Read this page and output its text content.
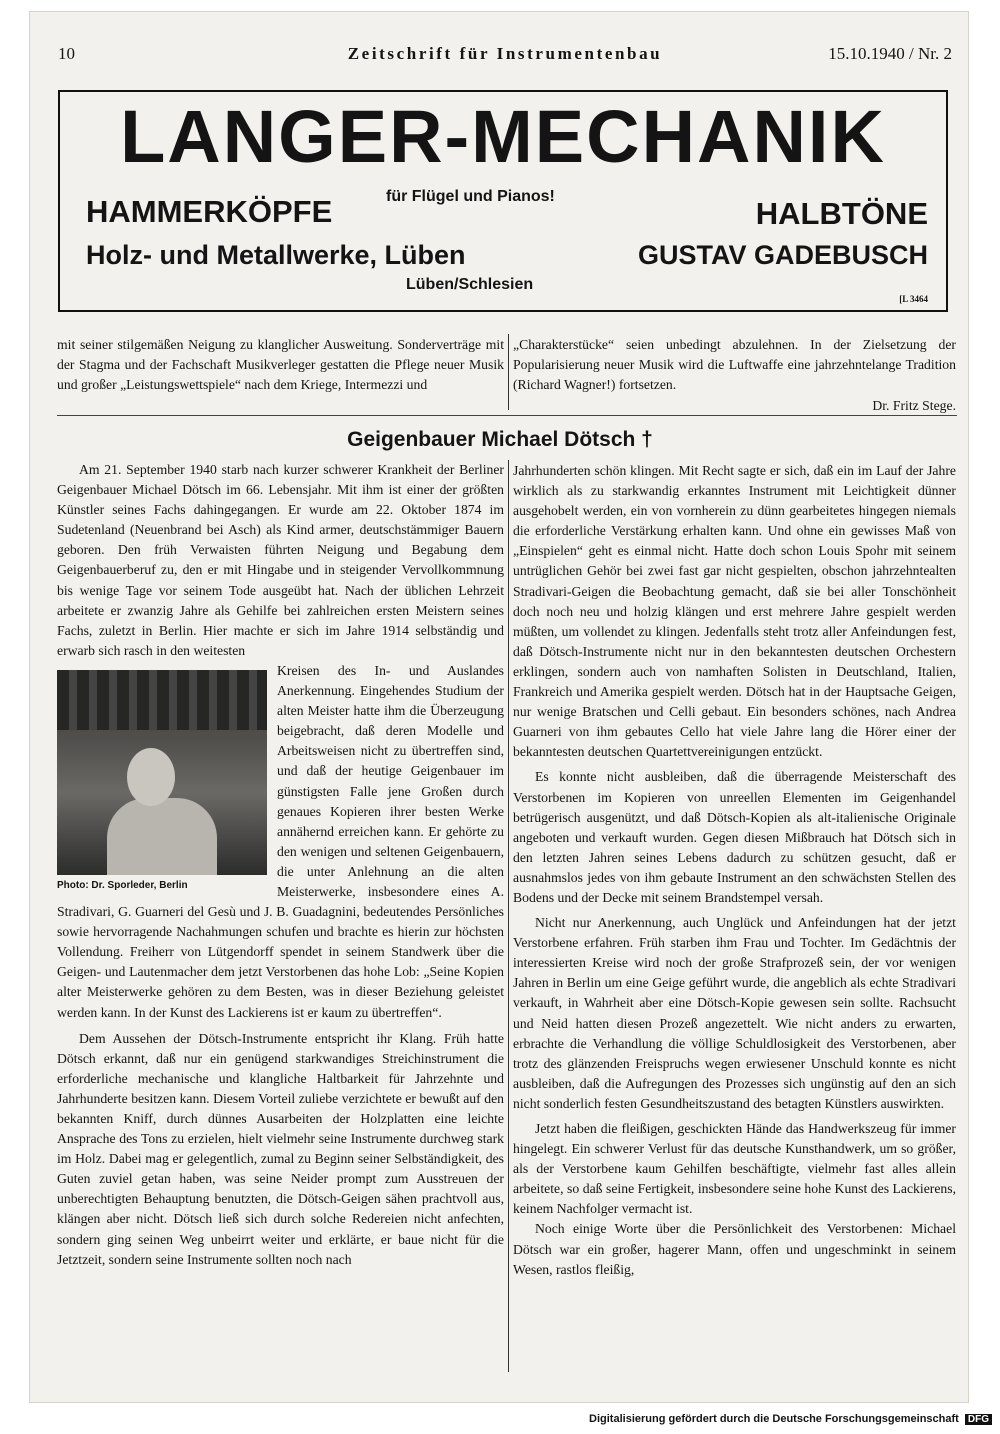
10	Zeitschrift für Instrumentenbau	15.10.1940 / Nr. 2
LANGER-MECHANIK
HAMMERKÖPFE	für Flügel und Pianos!	HALBTÖNE
Holz- und Metallwerke, Lüben	GUSTAV GADEBUSCH
Lüben/Schlesien
[L 3464

mit seiner stilgemäßen Neigung zu klanglicher Ausweitung. Sonderverträge mit der Stagma und der Fachschaft Musikverleger gestatten die Pflege neuer Musik und großer „Leistungswettspiele“ nach dem Kriege, Intermezzi und

„Charakterstücke“ seien unbedingt abzulehnen. In der Zielsetzung der Popularisierung neuer Musik wird die Luftwaffe eine jahrzehntelange Tradition (Richard Wagner!) fortsetzen.

Dr. Fritz Stege.

Geigenbauer Michael Dötsch †

Am 21. September 1940 starb nach kurzer schwerer Krankheit der Berliner Geigenbauer Michael Dötsch im 66. Lebensjahr. Mit ihm ist einer der größten Künstler seines Fachs dahingegangen. Er wurde am 22. Oktober 1874 im Sudetenland (Neuenbrand bei Asch) als Kind armer, deutschstämmiger Bauern geboren. Den früh Verwaisten führten Neigung und Begabung dem Geigenbauerberuf zu, den er mit Hingabe und in steigender Vervollkommnung bis wenige Tage vor seinem Tode ausgeübt hat. Nach der üblichen Lehrzeit arbeitete er zwanzig Jahre als Gehilfe bei zahlreichen ersten Meistern seines Fachs, zuletzt in Berlin. Hier machte er sich im Jahre 1914 selbständig und erwarb sich rasch in den weitesten

Photo: Dr. Sporleder, Berlin

Kreisen des In- und Auslandes Anerkennung. Eingehendes Studium der alten Meister hatte ihm die Überzeugung beigebracht, daß deren Modelle und Arbeitsweisen nicht zu übertreffen sind, und daß der heutige Geigenbauer im günstigsten Falle jene Großen durch genaues Kopieren ihrer besten Werke annähernd erreichen kann. Er gehörte zu den wenigen und seltenen Geigenbauern, die unter Anlehnung an die alten Meisterwerke, insbesondere eines A. Stradivari, G. Guarneri del Gesù und J. B. Guadagnini, bedeutendes Persönliches sowie hervorragende Nachahmungen schufen und brachte es hierin zur höchsten Vollendung. Freiherr von Lütgendorff spendet in seinem Standwerk über die Geigen- und Lautenmacher dem jetzt Verstorbenen das hohe Lob: „Seine Kopien alter Meisterwerke gehören zu dem Besten, was in dieser Beziehung geleistet werden kann. In der Kunst des Lackierens ist er kaum zu übertreffen“.

Dem Aussehen der Dötsch-Instrumente entspricht ihr Klang. Früh hatte Dötsch erkannt, daß nur ein genügend starkwandiges Streichinstrument die erforderliche mechanische und klangliche Haltbarkeit für Jahrzehnte und Jahrhunderte besitzen kann. Diesem Vorteil zuliebe verzichtete er bewußt auf den bekannten Kniff, durch dünnes Ausarbeiten der Holzplatten eine leichte Ansprache des Tons zu erzielen, hielt vielmehr seine Instrumente durchweg stark im Holz. Dabei mag er gelegentlich, zumal zu Beginn seiner Selbständigkeit, des Guten zuviel getan haben, was seine Neider prompt zum Ausstreuen der unberechtigten Behauptung benutzten, die Dötsch-Geigen sähen prachtvoll aus, klängen aber nicht. Dötsch ließ sich durch solche Redereien nicht anfechten, sondern ging seinen Weg unbeirrt weiter und erklärte, er baue nicht für die Jetztzeit, sondern seine Instrumente sollten noch nach

Jahrhunderten schön klingen. Mit Recht sagte er sich, daß ein im Lauf der Jahre wirklich als zu starkwandig erkanntes Instrument mit Leichtigkeit dünner ausgehobelt werden, ein von vornherein zu dünn gearbeitetes hingegen niemals die erforderliche Verstärkung erhalten kann. Und ohne ein gewisses Maß von „Einspielen“ geht es einmal nicht. Hatte doch schon Louis Spohr mit seinem untrüglichen Gehör bei zwei fast gar nicht gespielten, obschon jahrzehntealten Stradivari-Geigen die Beobachtung gemacht, daß sie bei aller Tonschönheit doch noch neu und holzig klängen und erst mehrere Jahre gespielt werden müßten, um vollendet zu klingen. Jedenfalls steht trotz aller Anfeindungen fest, daß Dötsch-Instrumente nicht nur in den bekanntesten deutschen Orchestern erklingen, sondern auch von namhaften Solisten in Deutschland, Italien, Frankreich und Amerika gespielt werden. Dötsch hat in der Hauptsache Geigen, nur wenige Bratschen und Celli gebaut. Ein besonders schönes, nach Andrea Guarneri von ihm gebautes Cello hat viele Jahre lang die Hörer einer der bekanntesten deutschen Quartettvereinigungen entzückt.

Es konnte nicht ausbleiben, daß die überragende Meisterschaft des Verstorbenen im Kopieren von unreellen Elementen im Geigenhandel betrügerisch ausgenützt, und daß Dötsch-Kopien als alt-italienische Originale angeboten und verkauft wurden. Gegen diesen Mißbrauch hat Dötsch sich in den letzten Jahren seines Lebens dadurch zu schützen gesucht, daß er ausnahmslos jedes von ihm gebaute Instrument an den schwächsten Stellen des Bodens und der Decke mit seinem Brandstempel versah.

Nicht nur Anerkennung, auch Unglück und Anfeindungen hat der jetzt Verstorbene erfahren. Früh starben ihm Frau und Tochter. Im Gedächtnis der interessierten Kreise wird noch der große Strafprozeß sein, der vor wenigen Jahren in Berlin um eine Geige geführt wurde, die angeblich als echte Stradivari verkauft, in Wahrheit aber eine Dötsch-Kopie gewesen sein sollte. Rachsucht und Neid hatten diesen Prozeß angezettelt. Wie nicht anders zu erwarten, erbrachte die Verhandlung die völlige Schuldlosigkeit des Verstorbenen, aber trotz des glänzenden Freispruchs wegen erwiesener Unschuld konnte es nicht ausbleiben, daß die Aufregungen des Prozesses sich ungünstig auf den an sich nicht sonderlich festen Gesundheitszustand des betagten Künstlers auswirkten.

Jetzt haben die fleißigen, geschickten Hände das Handwerkszeug für immer hingelegt. Ein schwerer Verlust für das deutsche Kunsthandwerk, um so größer, als der Verstorbene kaum Gehilfen beschäftigte, vielmehr fast alles allein arbeitete, so daß seine Fertigkeit, insbesondere seine hohe Kunst des Lackierens, keinem Nachfolger vermacht ist.

Noch einige Worte über die Persönlichkeit des Verstorbenen: Michael Dötsch war ein großer, hagerer Mann, offen und ungeschminkt in seinem Wesen, rastlos fleißig,

Digitalisierung gefördert durch die Deutsche Forschungsgemeinschaft DFG
